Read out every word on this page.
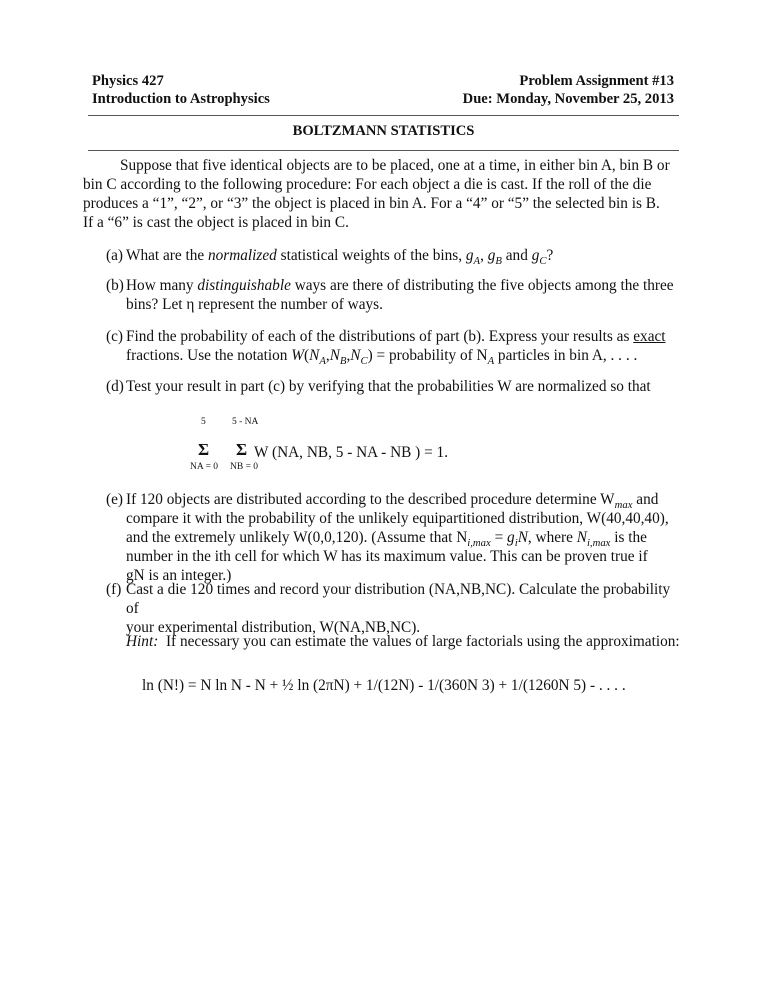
Physics 427
Introduction to Astrophysics
Problem Assignment #13
Due: Monday, November 25, 2013
BOLTZMANN STATISTICS

Suppose that five identical objects are to be placed, one at a time, in either bin A, bin B or

bin C according to the following procedure: For each object a die is cast. If the roll of the die
produces a “1”, “2”, or “3” the object is placed in bin A. For a “4” or “5” the selected bin is B.
If a “6” is cast the object is placed in bin C.
(a) What are the normalized statistical weights of the bins, $g_A$, $g_B$ and $g_C$?
(b) How many distinguishable ways are there of distributing the five objects among the three
bins? Let η represent the number of ways.
(c) Find the probability of each of the distributions of part (b). Express your results as exact
fractions. Use the notation $W(N_A,N_B,N_C)$ = probability of $N_A$ particles in bin A, . . . .
(d) Test your result in part (c) by verifying that the probabilities W are normalized so that
5	5 - NA
Σ Σ
NA = 0 NB = 0
W (NA, NB, 5 - NA - NB ) = 1.
(e) If 120 objects are distributed according to the described procedure determine $W_{max}$ and
compare it with the probability of the unlikely equipartitioned distribution, W(40,40,40),
and the extremely unlikely W(0,0,120). (Assume that $N_{i,max} = g_iN$, where $N_{i,max}$ is the
number in the ith cell for which W has its maximum value. This can be proven true if
gN is an integer.)
(f) Cast a die 120 times and record your distribution (NA,NB,NC). Calculate the probability of
your experimental distribution, W(NA,NB,NC).
Hint: If necessary you can estimate the values of large factorials using the approximation:
ln (N!) = N ln N - N + ½ ln (2πN) + 1/(12N) - 1/(360N 3) + 1/(1260N 5) - . . . .
